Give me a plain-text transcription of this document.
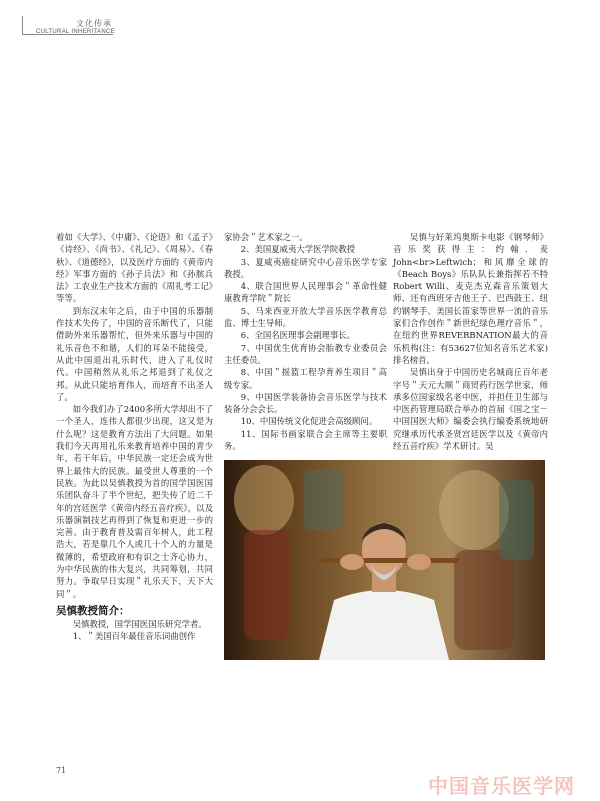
文化传承
CULTURAL INHERITANCE

着如《大学》、《中庸》、《论语》和《孟子》《诗经》、《尚书》、《礼记》、《周易》、《春秋》、《道德经》，以及医疗方面的《黄帝内经》军事方面的《孙子兵法》和《孙膑兵法》工农业生产技术方面的《周礼考工记》等等。

到东汉末年之后，由于中国的乐器制作技术失传了，中国的音乐断代了，只能借助外来乐器帮忙，但外来乐器与中国的礼乐音色不和谐，人们的耳朵不能接受，从此中国退出礼乐时代，进入了礼仪时代。中国稍然从礼乐之邦退到了礼仪之邦。从此只能培育伟人，而培育不出圣人了。

如今我们办了2400多所大学却出不了一个圣人，连伟人都很少出现，这又是为什么呢？这是教育方法出了大问题。如果我们今天再用礼乐来教育培养中国的青少年，若干年后，中华民族一定还会成为世界上最伟大的民族。最受世人尊重的一个民族。为此以吴慎教授为首的国学国医国乐团队奋斗了半个世纪，把失传了近二千年的宫廷医学《黄帝内经五音疗疾》，以及乐器演制技艺再得到了恢复和更进一步的完善。由于教育普及需百年树人，此工程浩大，若是靠几个人或几十个人的力量是微薄的，希望政府和有识之士齐心协力，为中华民族的伟大复兴，共同筹划，共同努力。争取早日实现＂礼乐天下，天下大同＂。

吴慎教授简介：

吴慎教授，国学国医国乐研究学者。

1、＂美国百年最佳音乐词曲创作

家协会＂艺术家之一。

2、美国夏威夷大学医学院教授

3、夏威夷癌症研究中心音乐医学专家教授。

4、联合国世界人民理事会＂革命性健康教育学院＂院长

5、马来西亚开放大学音乐医学教育总监、博士生导师。

6、全国名医理事会副理事长。

7、中国优生优育协会胎教专业委员会主任委员。

8、中国＂摇篮工程孕育养生项目＂高级专家。

9、中国医学装备协会音乐医学与技术装备分会会长。

10、中国传统文化促进会高级顾问。

11、国际书画家联合会主席等主要职务。

吴慎与好莱坞奥斯卡电影《钢琴师》音乐奖获得主：约翰．麦John<br>Leftwich；和风靡全球的《Beach Boys》乐队队长兼指挥若不特Robert Willi、麦克杰克森音乐策划大师、还有西班牙吉他王子、巴西鼓王、纽约钢琴手、美国长笛家等世界一流的音乐家们合作创作＂新世纪绿色理疗音乐＂，在纽约世界REVERBNATION最大的音乐机构(注：有53627位知名音乐艺术家)排名榜首。

吴慎出身于中国历史名城商丘百年老字号＂天元大顺＂商贸药行医学世家，师承多位国家级名老中医，并担任卫生部与中医药管理局联合举办的首届《国之宝－中国国医大师》编委会执行编委系统地研究继承历代承圣贤宫廷医学以及《黄帝内经五音疗疾》学术研讨。吴

71
中国音乐医学网
